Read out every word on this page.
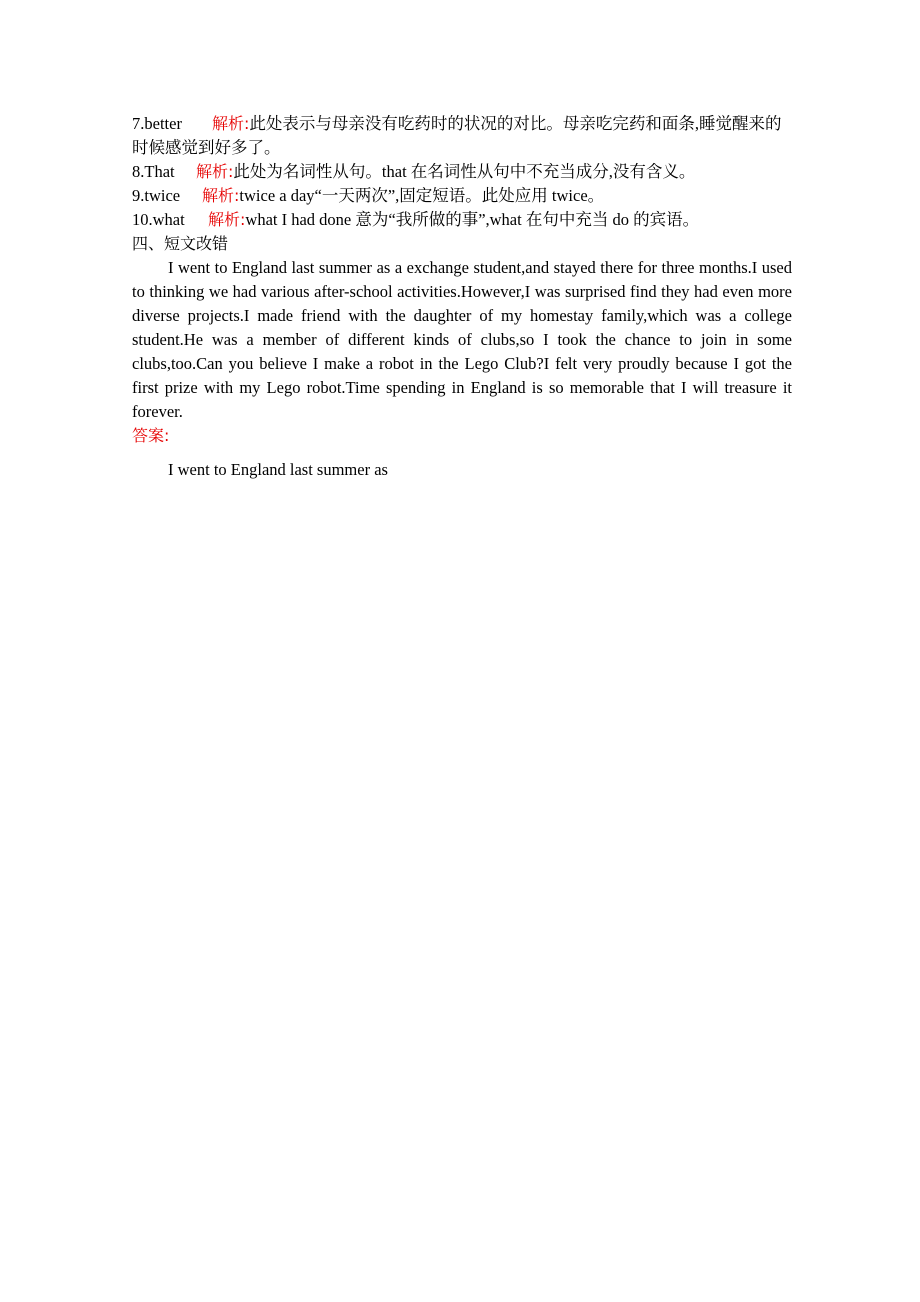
7.better 解析:此处表示与母亲没有吃药时的状况的对比。母亲吃完药和面条,睡觉醒来的时候感觉到好多了。
8.That 解析:此处为名词性从句。that 在名词性从句中不充当成分,没有含义。
9.twice 解析:twice a day“一天两次”,固定短语。此处应用 twice。
10.what 解析:what I had done 意为“我所做的事”,what 在句中充当 do 的宾语。
四、短文改错
I went to England last summer as a exchange student,and stayed there for three months.I used to thinking we had various after-school activities.However,I was surprised find they had even more diverse projects.I made friend with the daughter of my homestay family,which was a college student.He was a member of different kinds of clubs,so I took the chance to join in some clubs,too.Can you believe I make a robot in the Lego Club?I felt very proudly because I got the first prize with my Lego robot.Time spending in England is so memorable that I will treasure it forever.
答案:
I went to England last summer as
